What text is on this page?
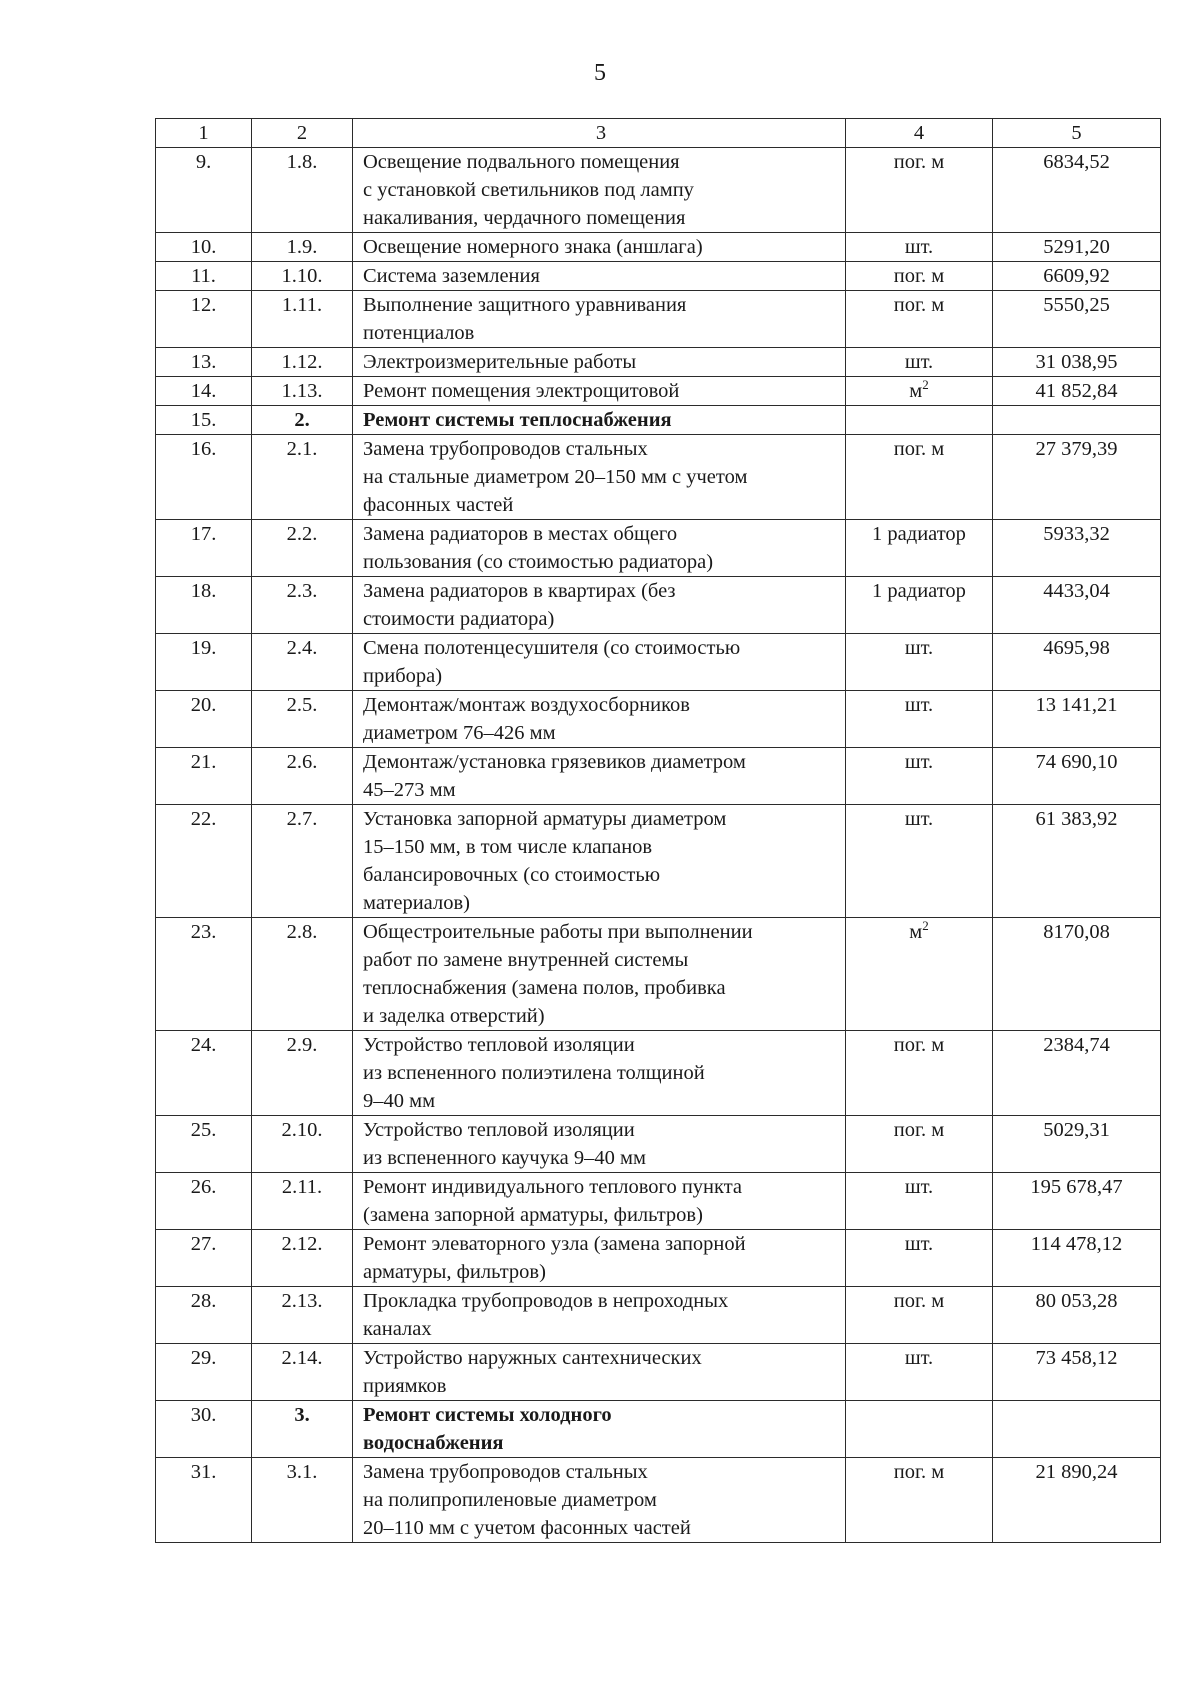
5
1	2	3	4	5
9.	1.8.	Освещение подвального помещения
с установкой светильников под лампу
накаливания, чердачного помещения	пог. м	6834,52
10.	1.9.	Освещение номерного знака (аншлага)	шт.	5291,20
11.	1.10.	Система заземления	пог. м	6609,92
12.	1.11.	Выполнение защитного уравнивания
потенциалов	пог. м	5550,25
13.	1.12.	Электроизмерительные работы	шт.	31 038,95
14.	1.13.	Ремонт помещения электрощитовой	$м^2$	41 852,84
15.	2.	Ремонт системы теплоснабжения		
16.	2.1.	Замена трубопроводов стальных
на стальные диаметром 20–150 мм с учетом
фасонных частей	пог. м	27 379,39
17.	2.2.	Замена радиаторов в местах общего
пользования (со стоимостью радиатора)	1 радиатор	5933,32
18.	2.3.	Замена радиаторов в квартирах (без
стоимости радиатора)	1 радиатор	4433,04
19.	2.4.	Смена полотенцесушителя (со стоимостью
прибора)	шт.	4695,98
20.	2.5.	Демонтаж/монтаж воздухосборников
диаметром 76–426 мм	шт.	13 141,21
21.	2.6.	Демонтаж/установка грязевиков диаметром
45–273 мм	шт.	74 690,10
22.	2.7.	Установка запорной арматуры диаметром
15–150 мм, в том числе клапанов
балансировочных (со стоимостью
материалов)	шт.	61 383,92
23.	2.8.	Общестроительные работы при выполнении
работ по замене внутренней системы
теплоснабжения (замена полов, пробивка
и заделка отверстий)	$м^2$	8170,08
24.	2.9.	Устройство тепловой изоляции
из вспененного полиэтилена толщиной
9–40 мм	пог. м	2384,74
25.	2.10.	Устройство тепловой изоляции
из вспененного каучука 9–40 мм	пог. м	5029,31
26.	2.11.	Ремонт индивидуального теплового пункта
(замена запорной арматуры, фильтров)	шт.	195 678,47
27.	2.12.	Ремонт элеваторного узла (замена запорной
арматуры, фильтров)	шт.	114 478,12
28.	2.13.	Прокладка трубопроводов в непроходных
каналах	пог. м	80 053,28
29.	2.14.	Устройство наружных сантехнических
приямков	шт.	73 458,12
30.	3.	Ремонт системы холодного
водоснабжения		
31.	3.1.	Замена трубопроводов стальных
на полипропиленовые диаметром
20–110 мм с учетом фасонных частей	пог. м	21 890,24
